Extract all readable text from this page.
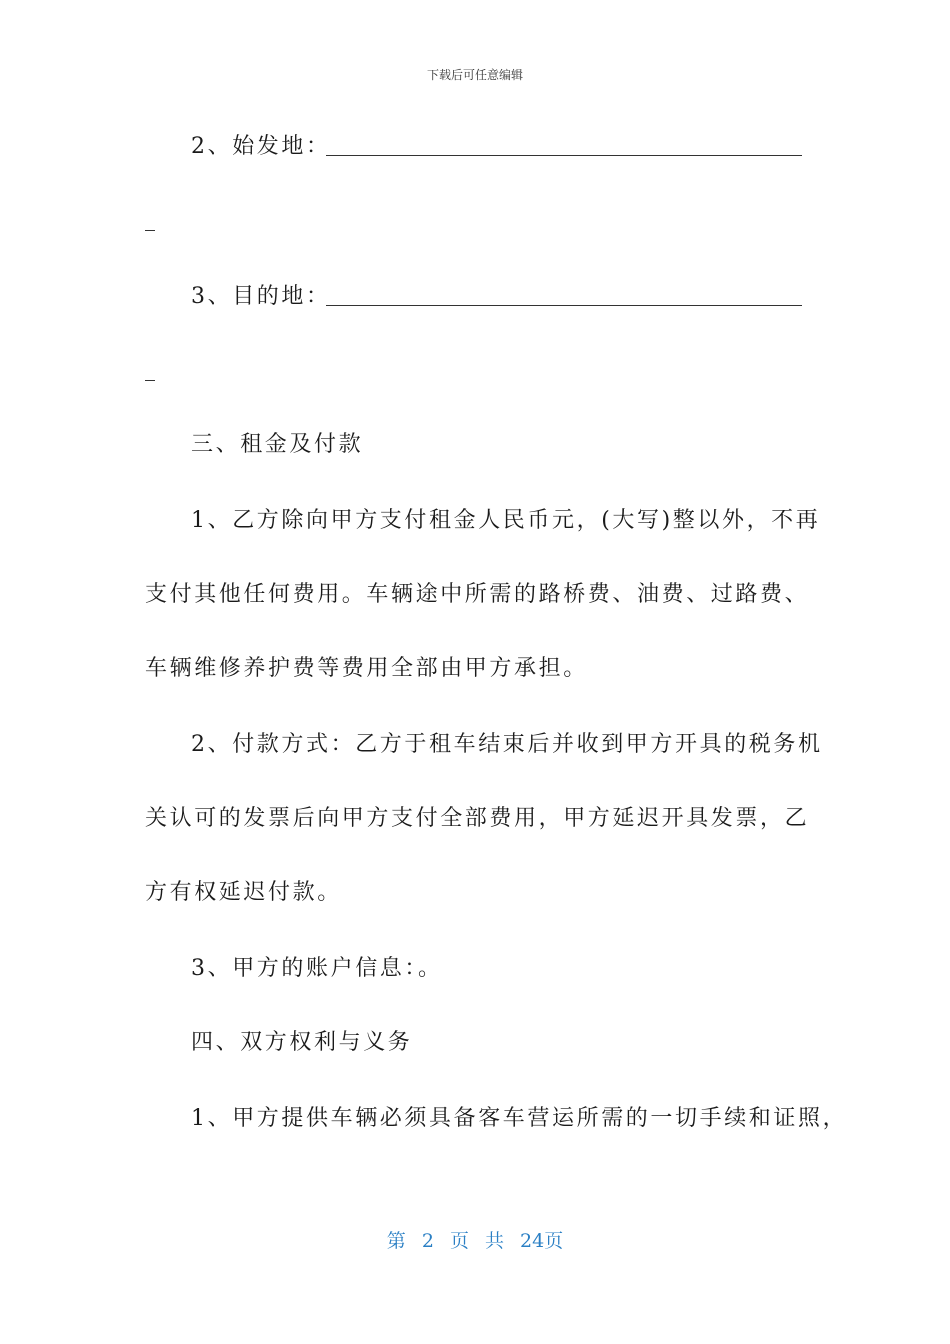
下载后可任意编辑
2、始发地：
3、目的地：
三、租金及付款
1、乙方除向甲方支付租金人民币元，(大写)整以外，不再
支付其他任何费用。车辆途中所需的路桥费、油费、过路费、
车辆维修养护费等费用全部由甲方承担。
2、付款方式：乙方于租车结束后并收到甲方开具的税务机
关认可的发票后向甲方支付全部费用，甲方延迟开具发票，乙
方有权延迟付款。
3、甲方的账户信息：。
四、双方权利与义务
1、甲方提供车辆必须具备客车营运所需的一切手续和证照，
第 2 页 共 24页
